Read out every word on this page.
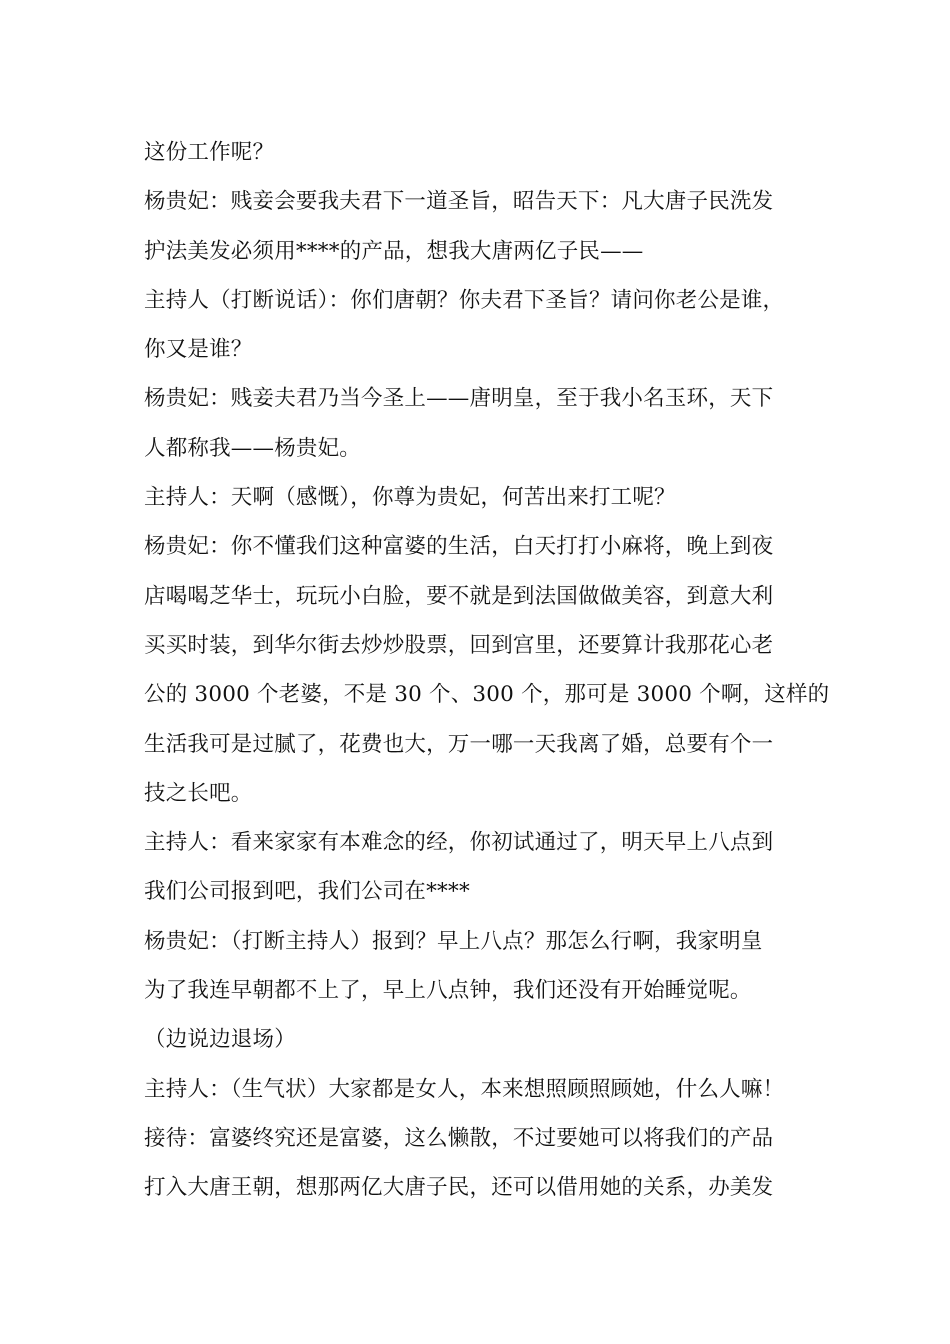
这份工作呢？
杨贵妃：贱妾会要我夫君下一道圣旨，昭告天下：凡大唐子民洗发
护法美发必须用****的产品，想我大唐两亿子民——
主持人（打断说话）：你们唐朝？你夫君下圣旨？请问你老公是谁，
你又是谁？
杨贵妃：贱妾夫君乃当今圣上——唐明皇，至于我小名玉环，天下
人都称我——杨贵妃。
主持人：天啊（感慨），你尊为贵妃，何苦出来打工呢？
杨贵妃：你不懂我们这种富婆的生活，白天打打小麻将，晚上到夜
店喝喝芝华士，玩玩小白脸，要不就是到法国做做美容，到意大利
买买时装，到华尔街去炒炒股票，回到宫里，还要算计我那花心老
公的 3000 个老婆，不是 30 个、300 个，那可是 3000 个啊，这样的
生活我可是过腻了，花费也大，万一哪一天我离了婚，总要有个一
技之长吧。
主持人：看来家家有本难念的经，你初试通过了，明天早上八点到
我们公司报到吧，我们公司在****
杨贵妃：（打断主持人）报到？早上八点？那怎么行啊，我家明皇
为了我连早朝都不上了，早上八点钟，我们还没有开始睡觉呢。
（边说边退场）
主持人：（生气状）大家都是女人，本来想照顾照顾她，什么人嘛！
接待：富婆终究还是富婆，这么懒散，不过要她可以将我们的产品
打入大唐王朝，想那两亿大唐子民，还可以借用她的关系，办美发
